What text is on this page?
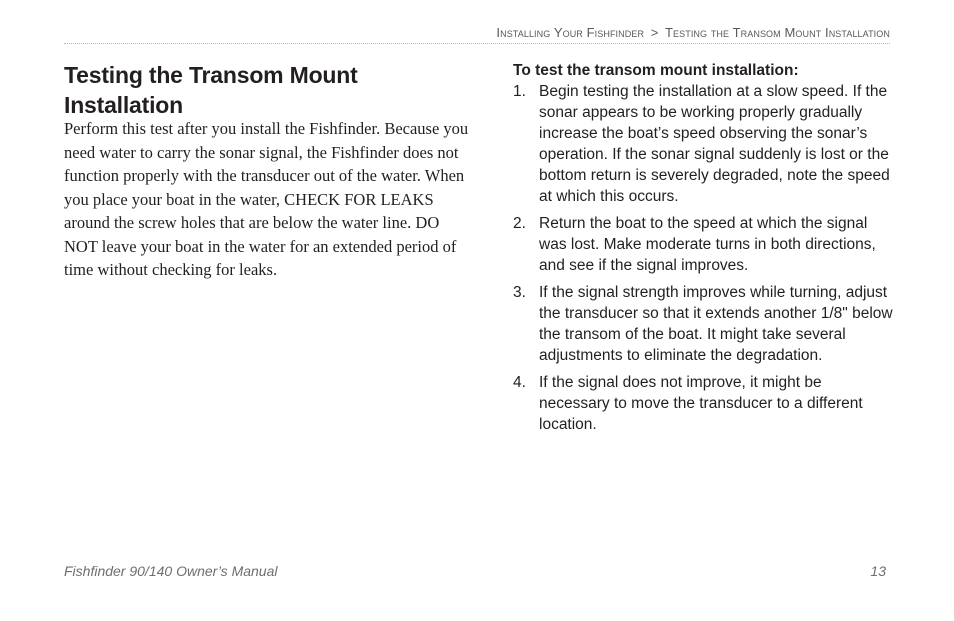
Installing Your Fishfinder > Testing the Transom Mount Installation
Testing the Transom Mount Installation

Perform this test after you install the Fishfinder. Because you need water to carry the sonar signal, the Fishfinder does not function properly with the transducer out of the water. When you place your boat in the water, CHECK FOR LEAKS around the screw holes that are below the water line. DO NOT leave your boat in the water for an extended period of time without checking for leaks.

To test the transom mount installation:

1. Begin testing the installation at a slow speed. If the sonar appears to be working properly gradually increase the boat’s speed observing the sonar’s operation. If the sonar signal suddenly is lost or the bottom return is severely degraded, note the speed at which this occurs.
2. Return the boat to the speed at which the signal was lost. Make moderate turns in both directions, and see if the signal improves.
3. If the signal strength improves while turning, adjust the transducer so that it extends another 1/8" below the transom of the boat. It might take several adjustments to eliminate the degradation.
4. If the signal does not improve, it might be necessary to move the transducer to a different location.
Fishfinder 90/140 Owner’s Manual	13
